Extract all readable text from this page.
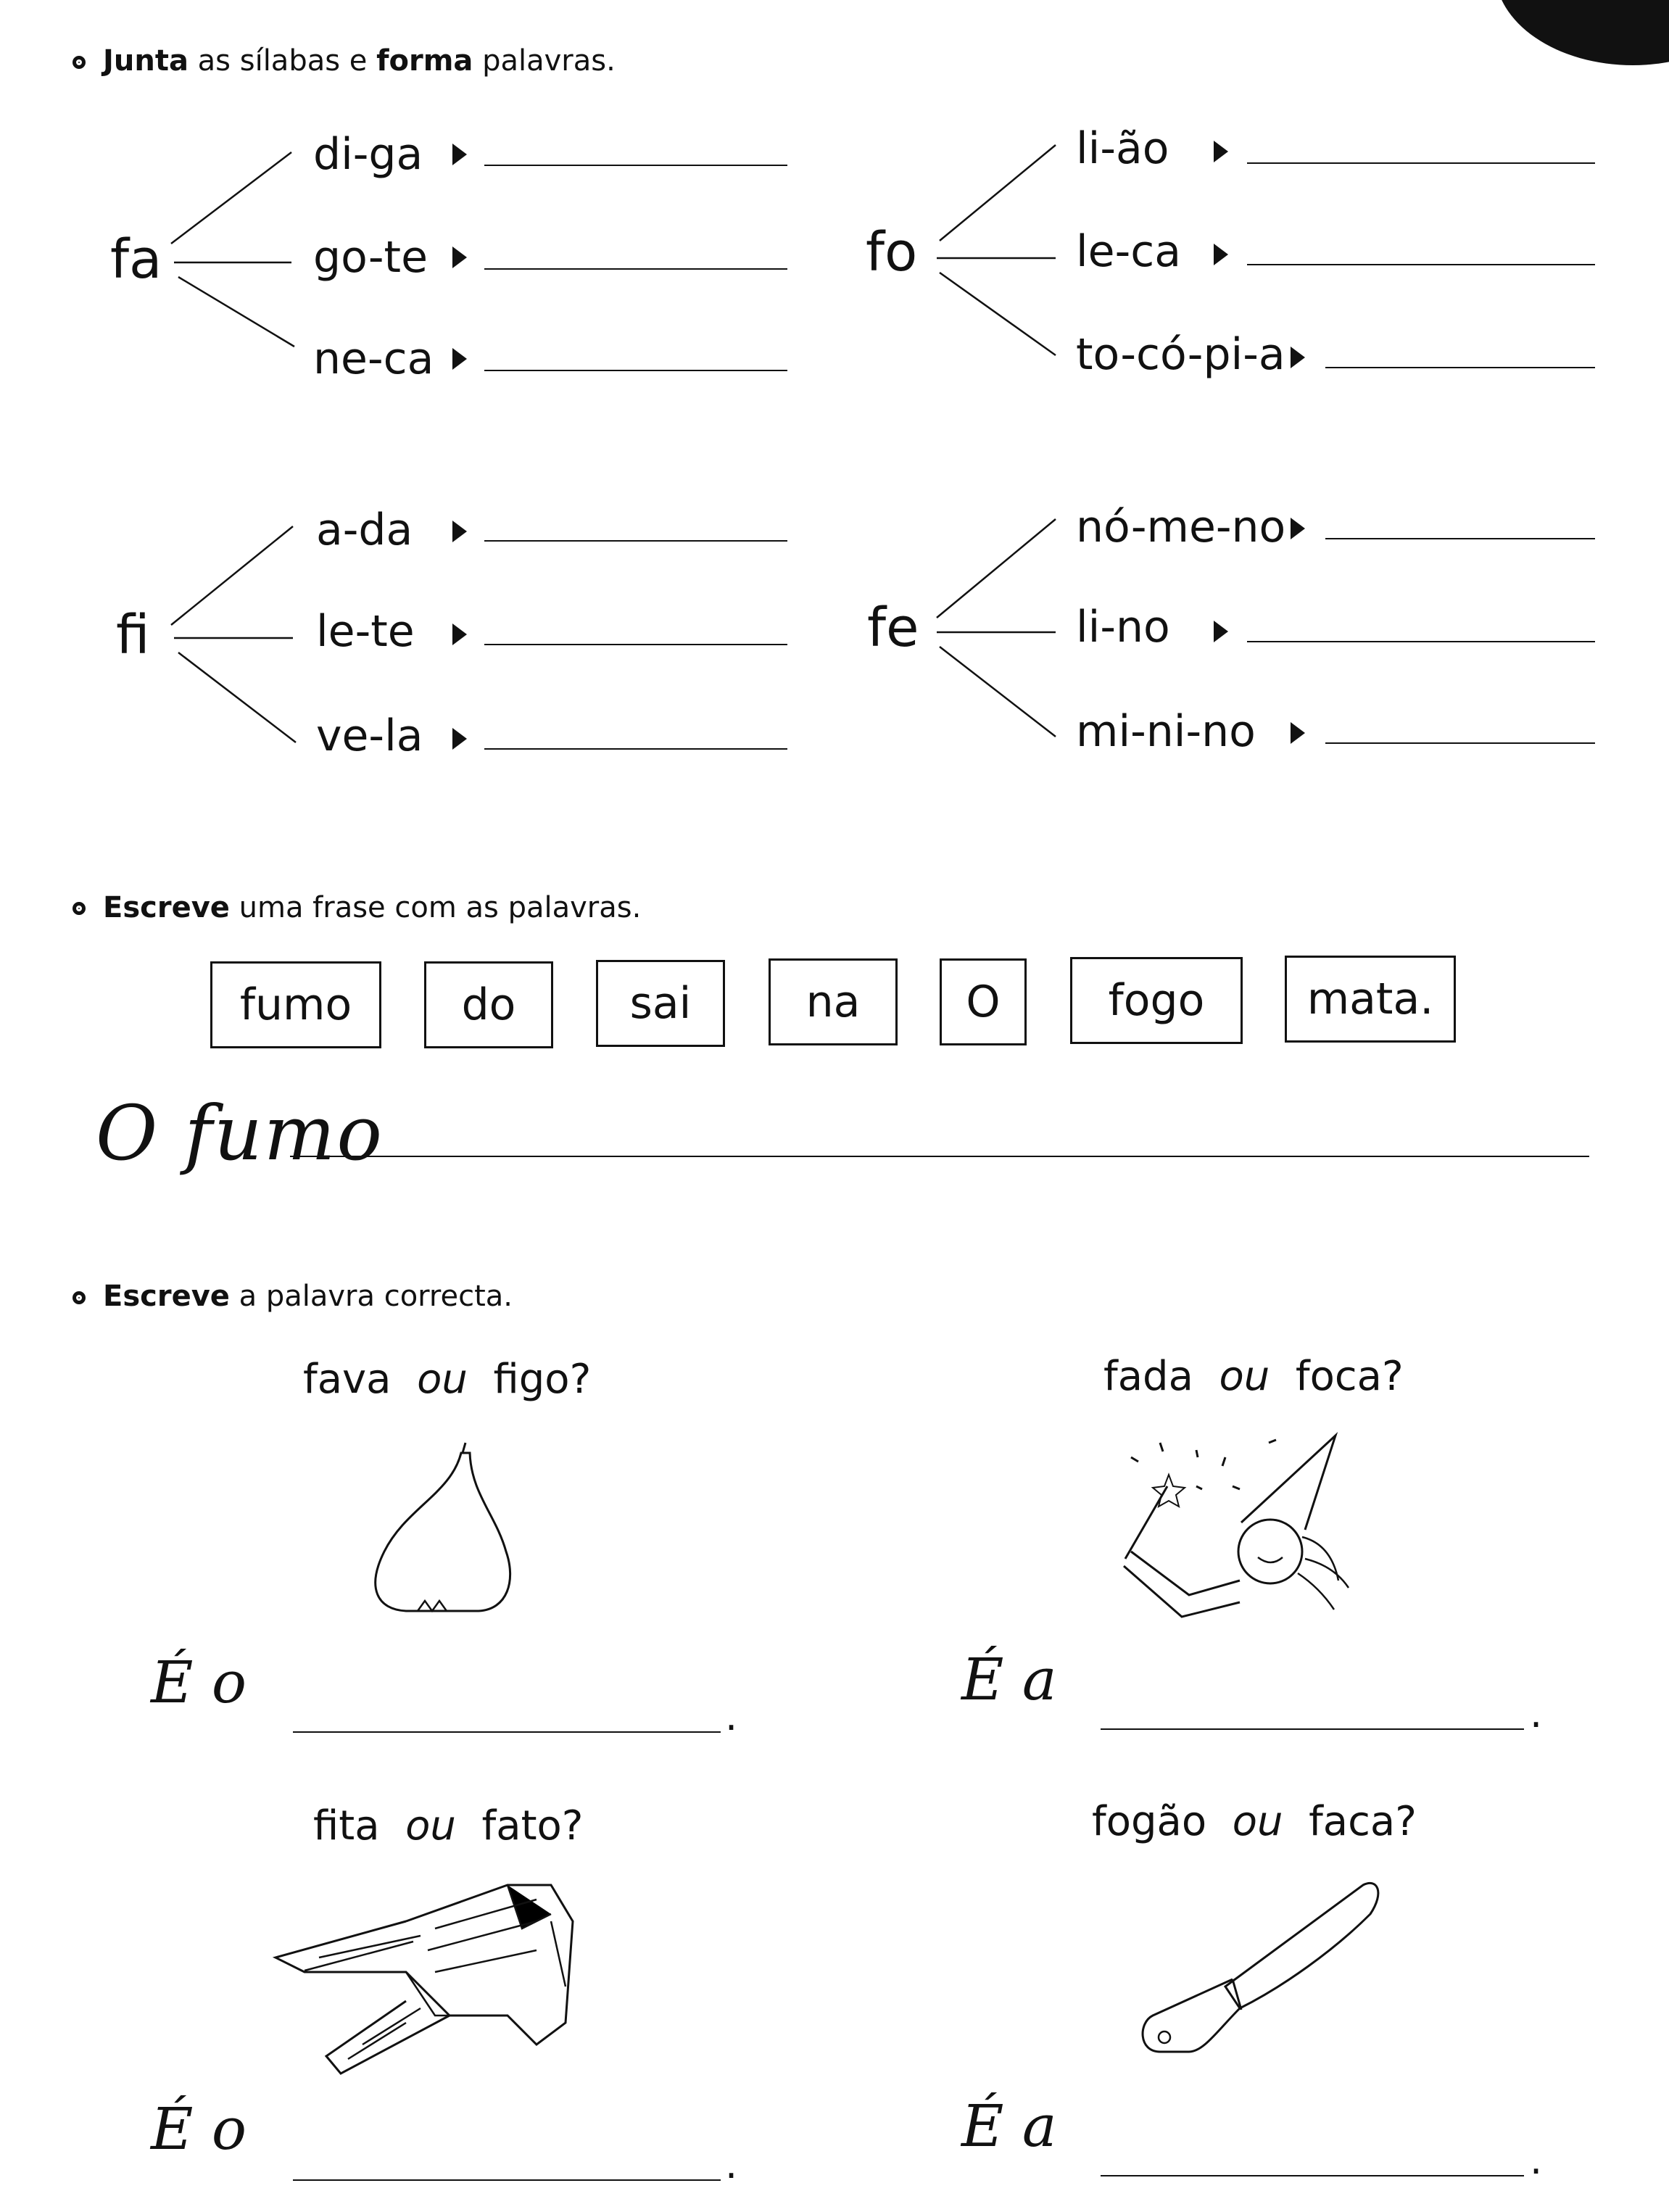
Junta as sílabas e forma palavras.
fa
di-ga
go-te
ne-ca
fo
li-ão
le-ca
to-có-pi-a
fi
a-da
le-te
ve-la
fe
nó-me-no
li-no
mi-ni-no
Escreve uma frase com as palavras.
fumo	do	sai	na	O	fogo	mata.
O fumo
Escreve a palavra correcta.
fava ou figo?
É o
.
fada ou foca?
É a
.
fita ou fato?
É o
.
fogão ou faca?
É a
.
